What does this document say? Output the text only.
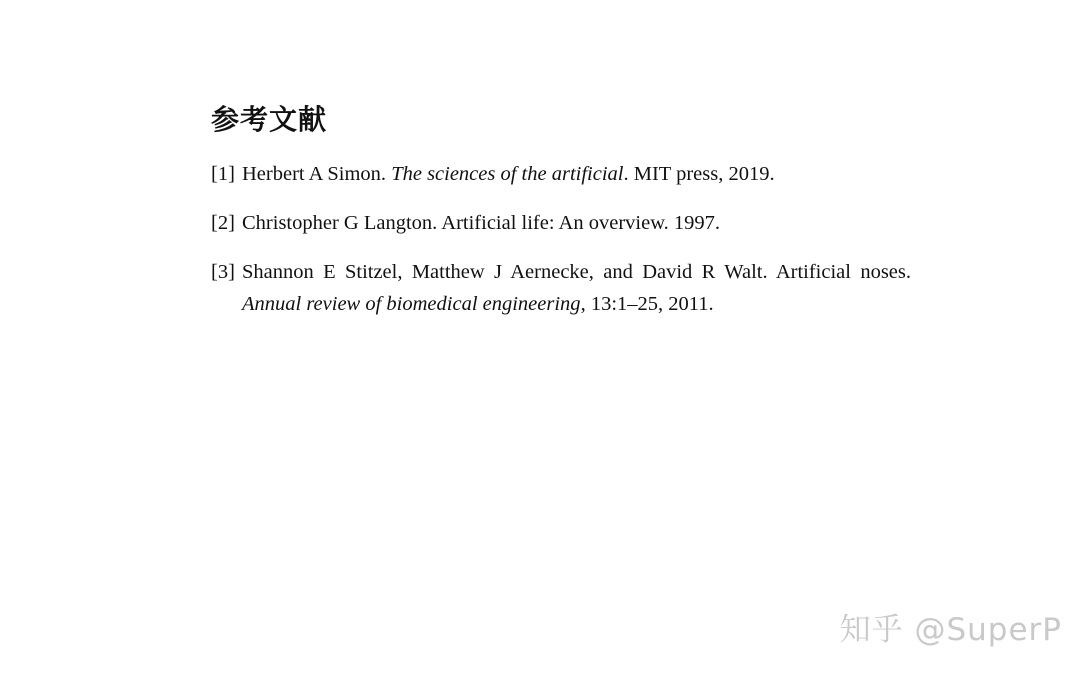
参考文献
[1] Herbert A Simon. The sciences of the artificial. MIT press, 2019.
[2] Christopher G Langton. Artificial life: An overview. 1997.
[3] Shannon E Stitzel, Matthew J Aernecke, and David R Walt. Artificial noses. Annual review of biomedical engineering, 13:1–25, 2011.
知乎 @SuperP
